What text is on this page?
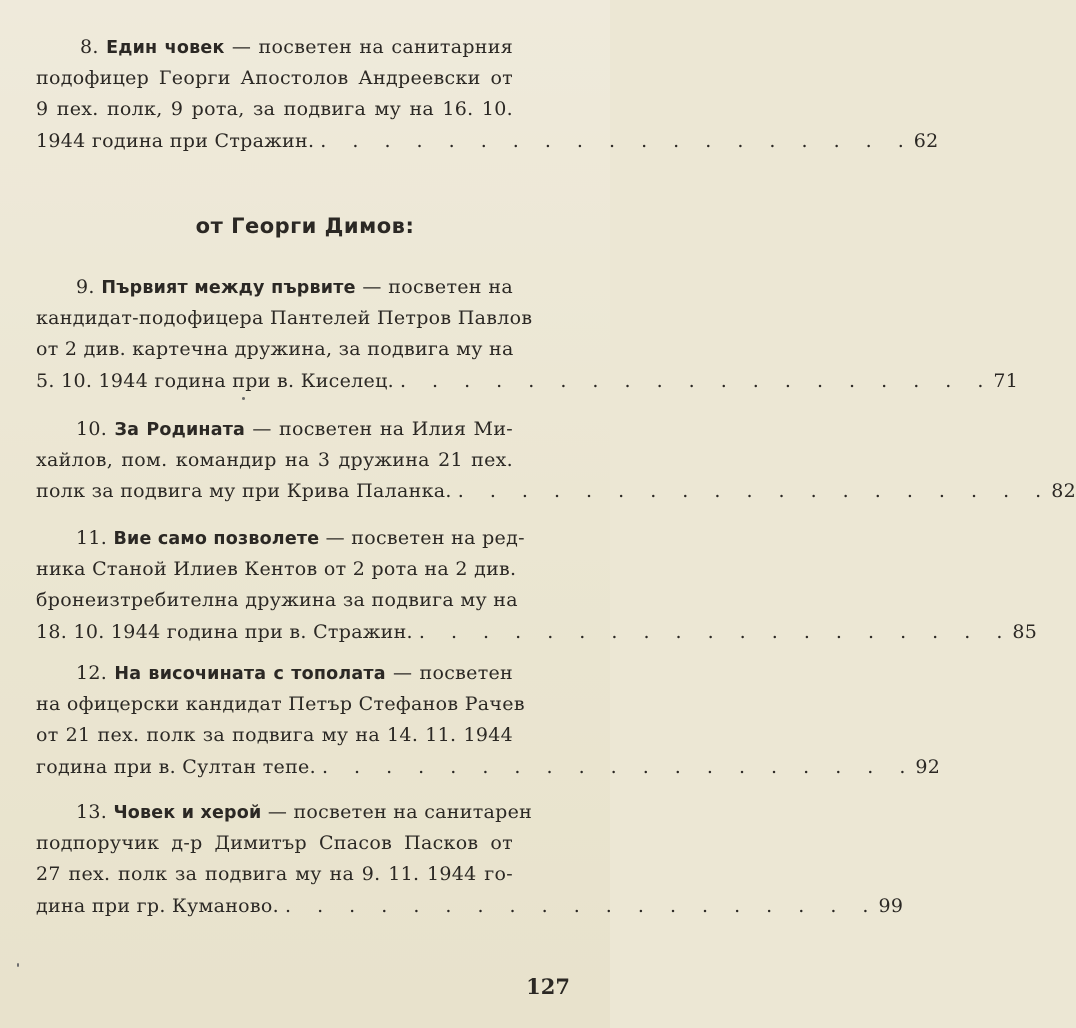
8. Един човек — посветен на санитарния
подофицер Георги Апостолов Андреевски от
9 пех. полк, 9 рота, за подвига му на 16. 10.
1944 година при Стражин. . . . . . . . . . . . . . . . . . . . 62
от Георги Димов:
9. Първият между първите — посветен на
кандидат-подофицера Пантелей Петров Павлов
от 2 див. картечна дружина, за подвига му на
5. 10. 1944 година при в. Киселец. . . . . . . . . . . . . . . . . . . . 71
10. За Родината — посветен на Илия Ми-
хайлов, пом. командир на 3 дружина 21 пех.
полк за подвига му при Крива Паланка. . . . . . . . . . . . . . . . . . . . 82
11. Вие само позволете — посветен на ред-
ника Станой Илиев Кентов от 2 рота на 2 див.
бронеизтребителна дружина за подвига му на
18. 10. 1944 година при в. Стражин. . . . . . . . . . . . . . . . . . . . 85
12. На височината с тополата — посветен
на офицерски кандидат Петър Стефанов Рачев
от 21 пех. полк за подвига му на 14. 11. 1944
година при в. Султан тепе. . . . . . . . . . . . . . . . . . . . 92
13. Човек и херой — посветен на санитарен
подпоручик д-р Димитър Спасов Пасков от
27 пех. полк за подвига му на 9. 11. 1944 го-
дина при гр. Куманово. . . . . . . . . . . . . . . . . . . . 99
127
